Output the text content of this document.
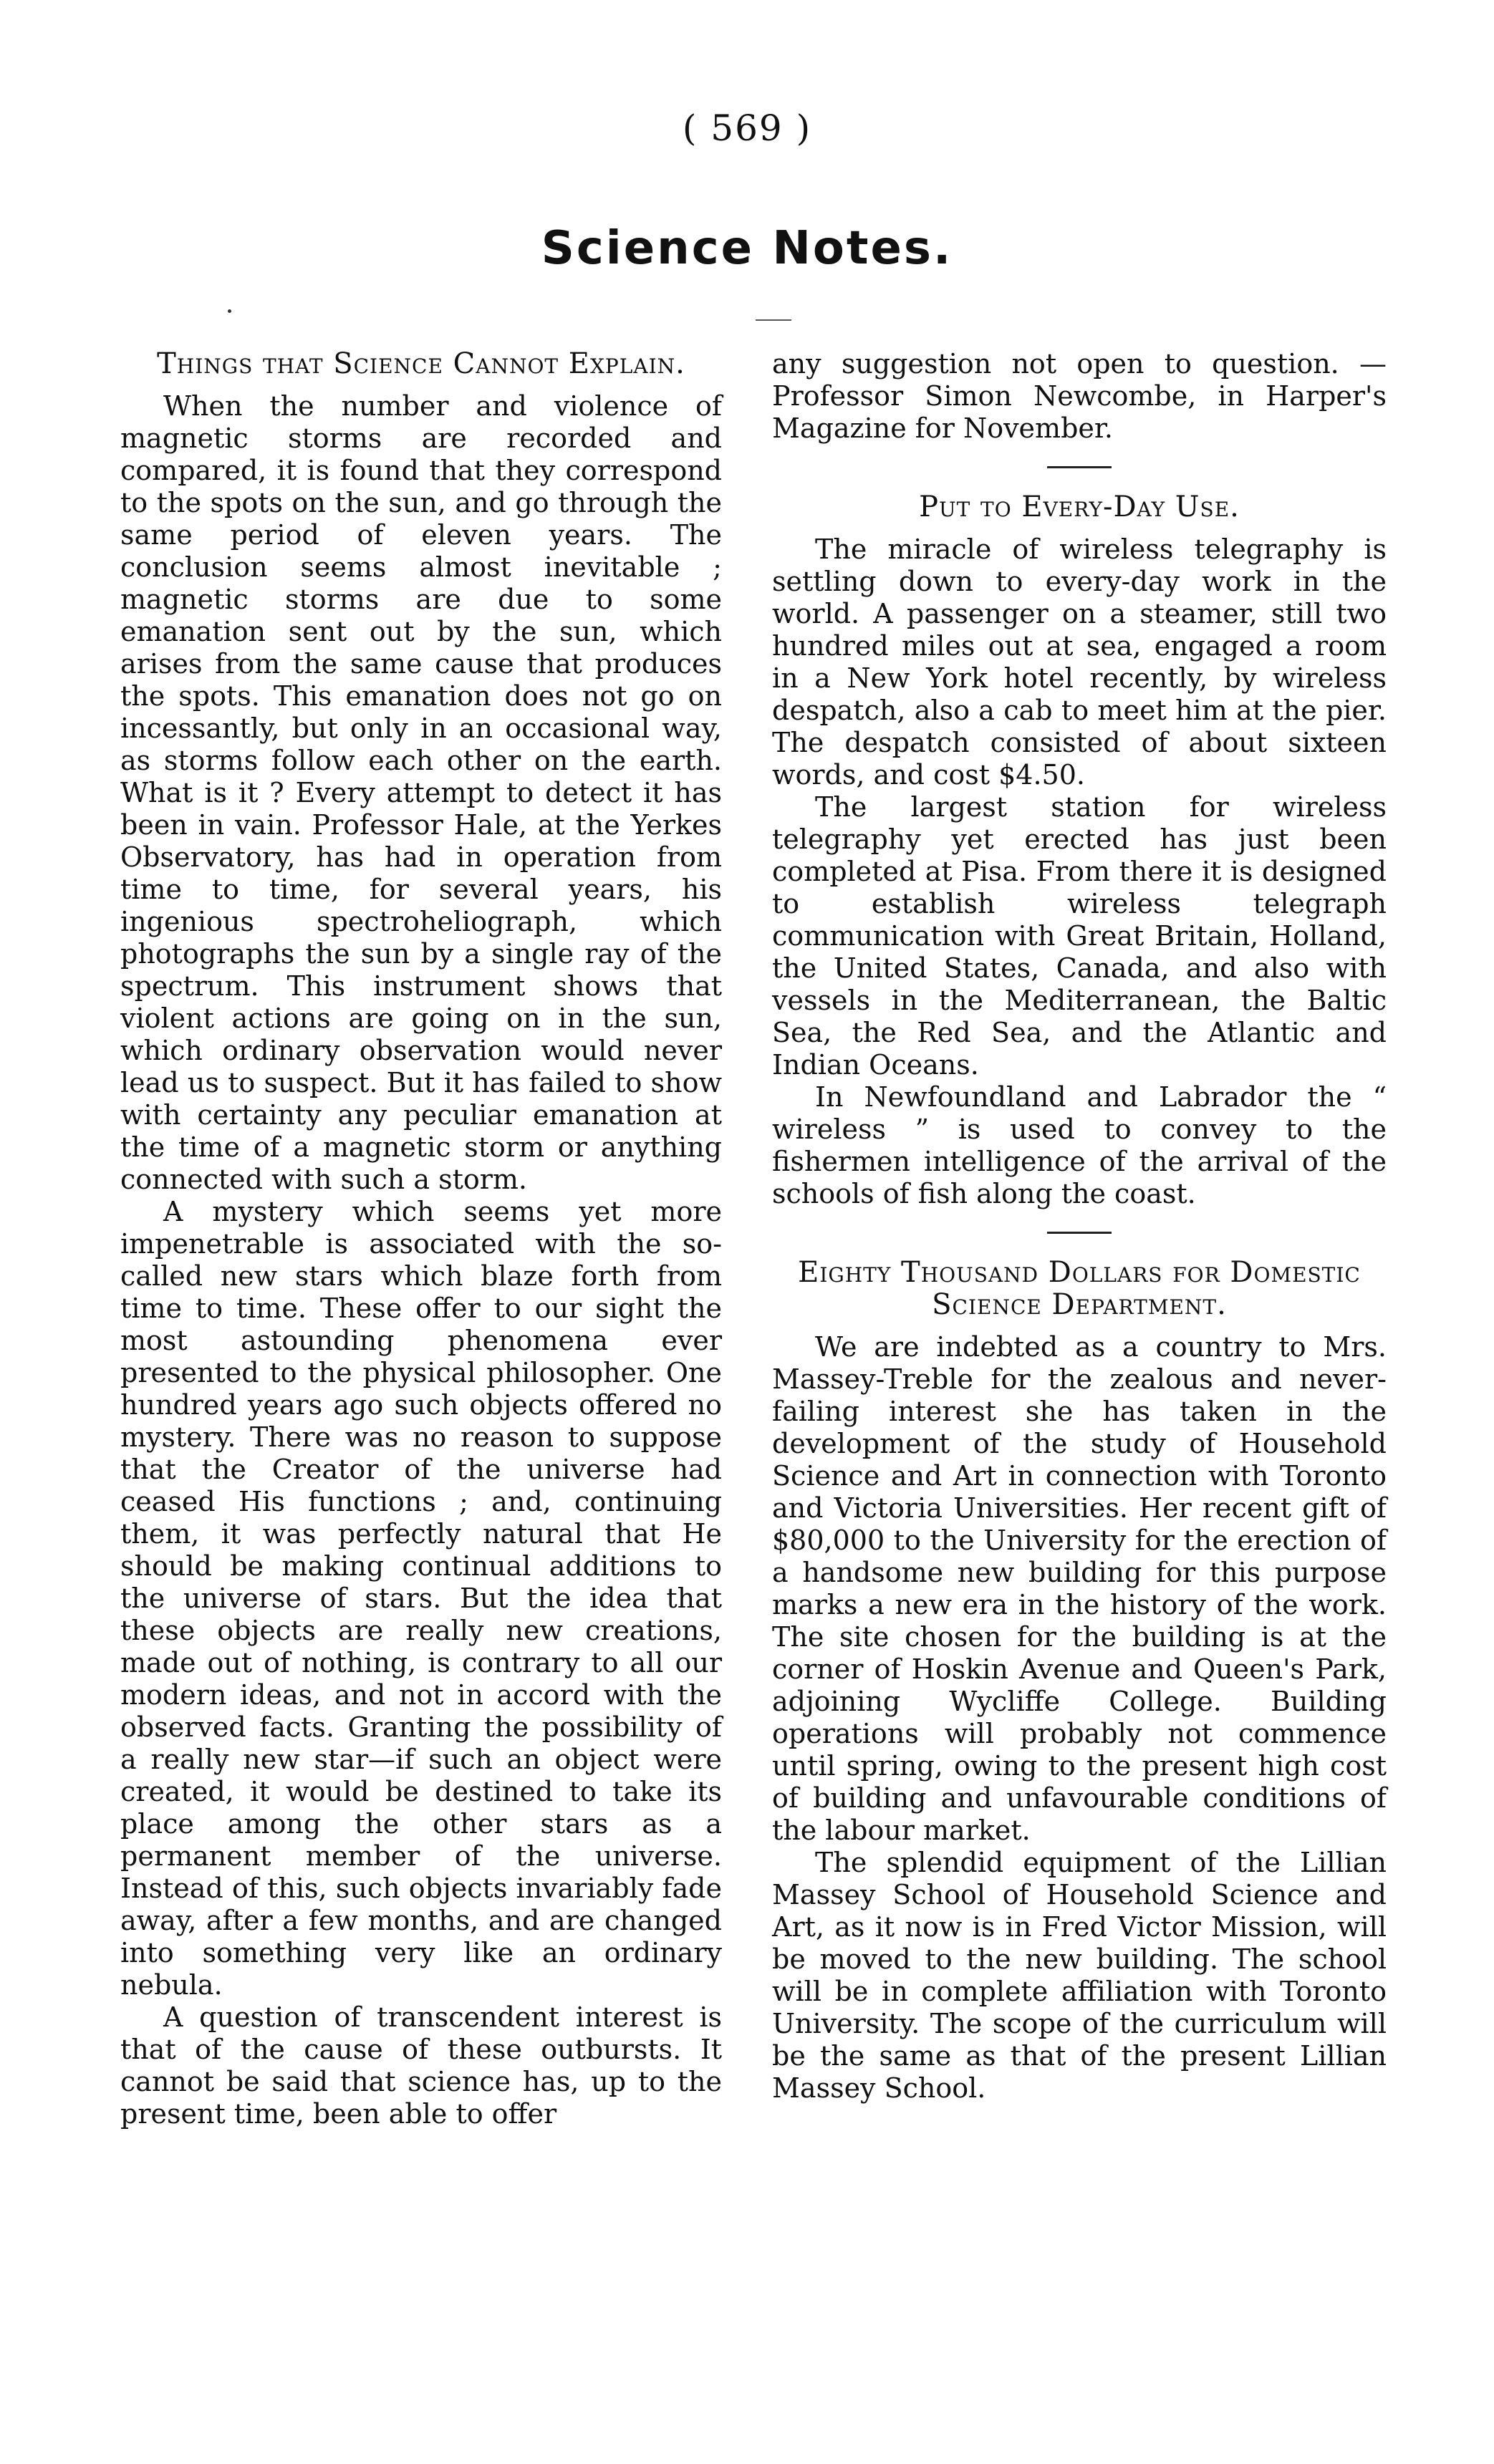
( 569 )
Science Notes.
Things that Science Cannot Explain.

When the number and violence of magnetic storms are recorded and compared, it is found that they correspond to the spots on the sun, and go through the same period of eleven years. The conclusion seems almost inevitable ; magnetic storms are due to some emanation sent out by the sun, which arises from the same cause that produces the spots. This emanation does not go on incessantly, but only in an occasional way, as storms follow each other on the earth. What is it ? Every attempt to detect it has been in vain. Professor Hale, at the Yerkes Observatory, has had in operation from time to time, for several years, his ingenious spectroheliograph, which photographs the sun by a single ray of the spectrum. This instrument shows that violent actions are going on in the sun, which ordinary observation would never lead us to suspect. But it has failed to show with certainty any peculiar emanation at the time of a magnetic storm or anything connected with such a storm.

A mystery which seems yet more impenetrable is associated with the so-called new stars which blaze forth from time to time. These offer to our sight the most astounding phenomena ever presented to the physical philosopher. One hundred years ago such objects offered no mystery. There was no reason to suppose that the Creator of the universe had ceased His functions ; and, continuing them, it was perfectly natural that He should be making continual additions to the universe of stars. But the idea that these objects are really new creations, made out of nothing, is contrary to all our modern ideas, and not in accord with the observed facts. Granting the possibility of a really new star—if such an object were created, it would be destined to take its place among the other stars as a permanent member of the universe. Instead of this, such objects invariably fade away, after a few months, and are changed into something very like an ordinary nebula.

A question of transcendent interest is that of the cause of these outbursts. It cannot be said that science has, up to the present time, been able to offer

any suggestion not open to question. —Professor Simon Newcombe, in Harper's Magazine for November.

Put to Every-Day Use.

The miracle of wireless telegraphy is settling down to every-day work in the world. A passenger on a steamer, still two hundred miles out at sea, engaged a room in a New York hotel recently, by wireless despatch, also a cab to meet him at the pier. The despatch consisted of about sixteen words, and cost $4.50.

The largest station for wireless telegraphy yet erected has just been completed at Pisa. From there it is designed to establish wireless telegraph communication with Great Britain, Holland, the United States, Canada, and also with vessels in the Mediterranean, the Baltic Sea, the Red Sea, and the Atlantic and Indian Oceans.

In Newfoundland and Labrador the “ wireless ” is used to convey to the fishermen intelligence of the arrival of the schools of fish along the coast.

Eighty Thousand Dollars for Domestic Science Department.

We are indebted as a country to Mrs. Massey-Treble for the zealous and never-failing interest she has taken in the development of the study of Household Science and Art in connection with Toronto and Victoria Universities. Her recent gift of $80,000 to the University for the erection of a handsome new building for this purpose marks a new era in the history of the work. The site chosen for the building is at the corner of Hoskin Avenue and Queen's Park, adjoining Wycliffe College. Building operations will probably not commence until spring, owing to the present high cost of building and unfavourable conditions of the labour market.

The splendid equipment of the Lillian Massey School of Household Science and Art, as it now is in Fred Victor Mission, will be moved to the new building. The school will be in complete affiliation with Toronto University. The scope of the curriculum will be the same as that of the present Lillian Massey School.
